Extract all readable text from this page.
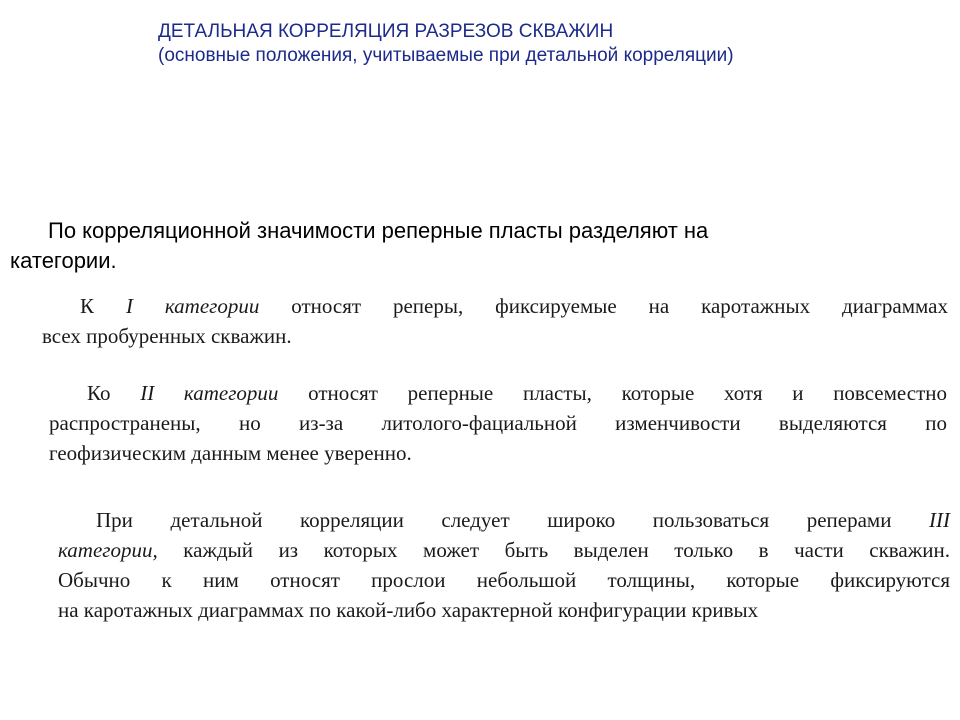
ДЕТАЛЬНАЯ КОРРЕЛЯЦИЯ РАЗРЕЗОВ СКВАЖИН
(основные положения, учитываемые при детальной корреляции)
По корреляционной значимости реперные пласты разделяют на
категории.
К I категории относят реперы, фиксируемые на каротажных диаграммах
всех пробуренных скважин.
Ко II категории относят реперные пласты, которые хотя и повсеместно
распространены, но из-за литолого-фациальной изменчивости выделяются по
геофизическим данным менее уверенно.
При детальной корреляции следует широко пользоваться реперами III
категории, каждый из которых может быть выделен только в части скважин.
Обычно к ним относят прослои небольшой толщины, которые фиксируются
на каротажных диаграммах по какой-либо характерной конфигурации кривых
